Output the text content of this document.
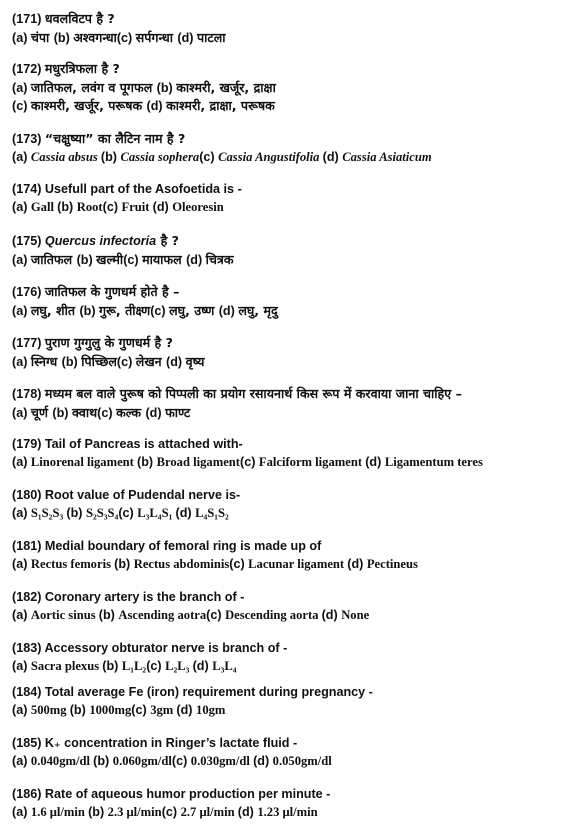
(171) धवलविटप है ?
(a) चंपा (b) अश्वगन्धा(c) सर्पगन्धा (d) पाटला
(172) मधुरत्रिफला है ?
(a) जातिफल, लवंग व पूगफल (b) काश्मरी, खर्जूर, द्राक्षा
(c) काश्मरी, खर्जूर, परूषक (d) काश्मरी, द्राक्षा, परूषक
(173) “चक्षुष्या” का लैटिन नाम है ?
(a) Cassia absus (b) Cassia sophera(c) Cassia Angustifolia (d) Cassia Asiaticum
(174) Usefull part of the Asofoetida is -
(a) Gall (b) Root(c) Fruit (d) Oleoresin
(175) Quercus infectoria है ?
(a) जातिफल (b) खल्मी(c) मायाफल (d) चित्रक
(176) जातिफल के गुणधर्म होते है –
(a) लघु, शीत (b) गुरू, तीक्ष्ण(c) लघु, उष्ण (d) लघु, मृदु
(177) पुराण गुग्गुलु के गुणधर्म है ?
(a) स्निग्ध (b) पिच्छिल(c) लेखन (d) वृष्य
(178) मध्यम बल वाले पुरूष को पिप्पली का प्रयोग रसायनार्थ किस रूप में करवाया जाना चाहिए –
(a) चूर्ण (b) क्वाथ(c) कल्क (d) फाण्ट
(179) Tail of Pancreas is attached with-
(a) Linorenal ligament (b) Broad ligament(c) Falciform ligament (d) Ligamentum teres
(180) Root value of Pudendal nerve is-
(a) S₁S₂S₃ (b) S₂S₃S₄(c) L₃L₄S₁ (d) L₄S₁S₂
(181) Medial boundary of femoral ring is made up of
(a) Rectus femoris (b) Rectus abdominis(c) Lacunar ligament (d) Pectineus
(182) Coronary artery is the branch of -
(a) Aortic sinus (b) Ascending aotra(c) Descending aorta (d) None
(183) Accessory obturator nerve is branch of -
(a) Sacra plexus (b) L₁L₂(c) L₂L₃ (d) L₃L₄
(184) Total average Fe (iron) requirement during pregnancy -
(a) 500mg (b) 1000mg(c) 3gm (d) 10gm
(185) K₊ concentration in Ringer’s lactate fluid -
(a) 0.040gm/dl (b) 0.060gm/dl(c) 0.030gm/dl (d) 0.050gm/dl
(186) Rate of aqueous humor production per minute -
(a) 1.6 μl/min (b) 2.3 μl/min(c) 2.7 μl/min (d) 1.23 μl/min
